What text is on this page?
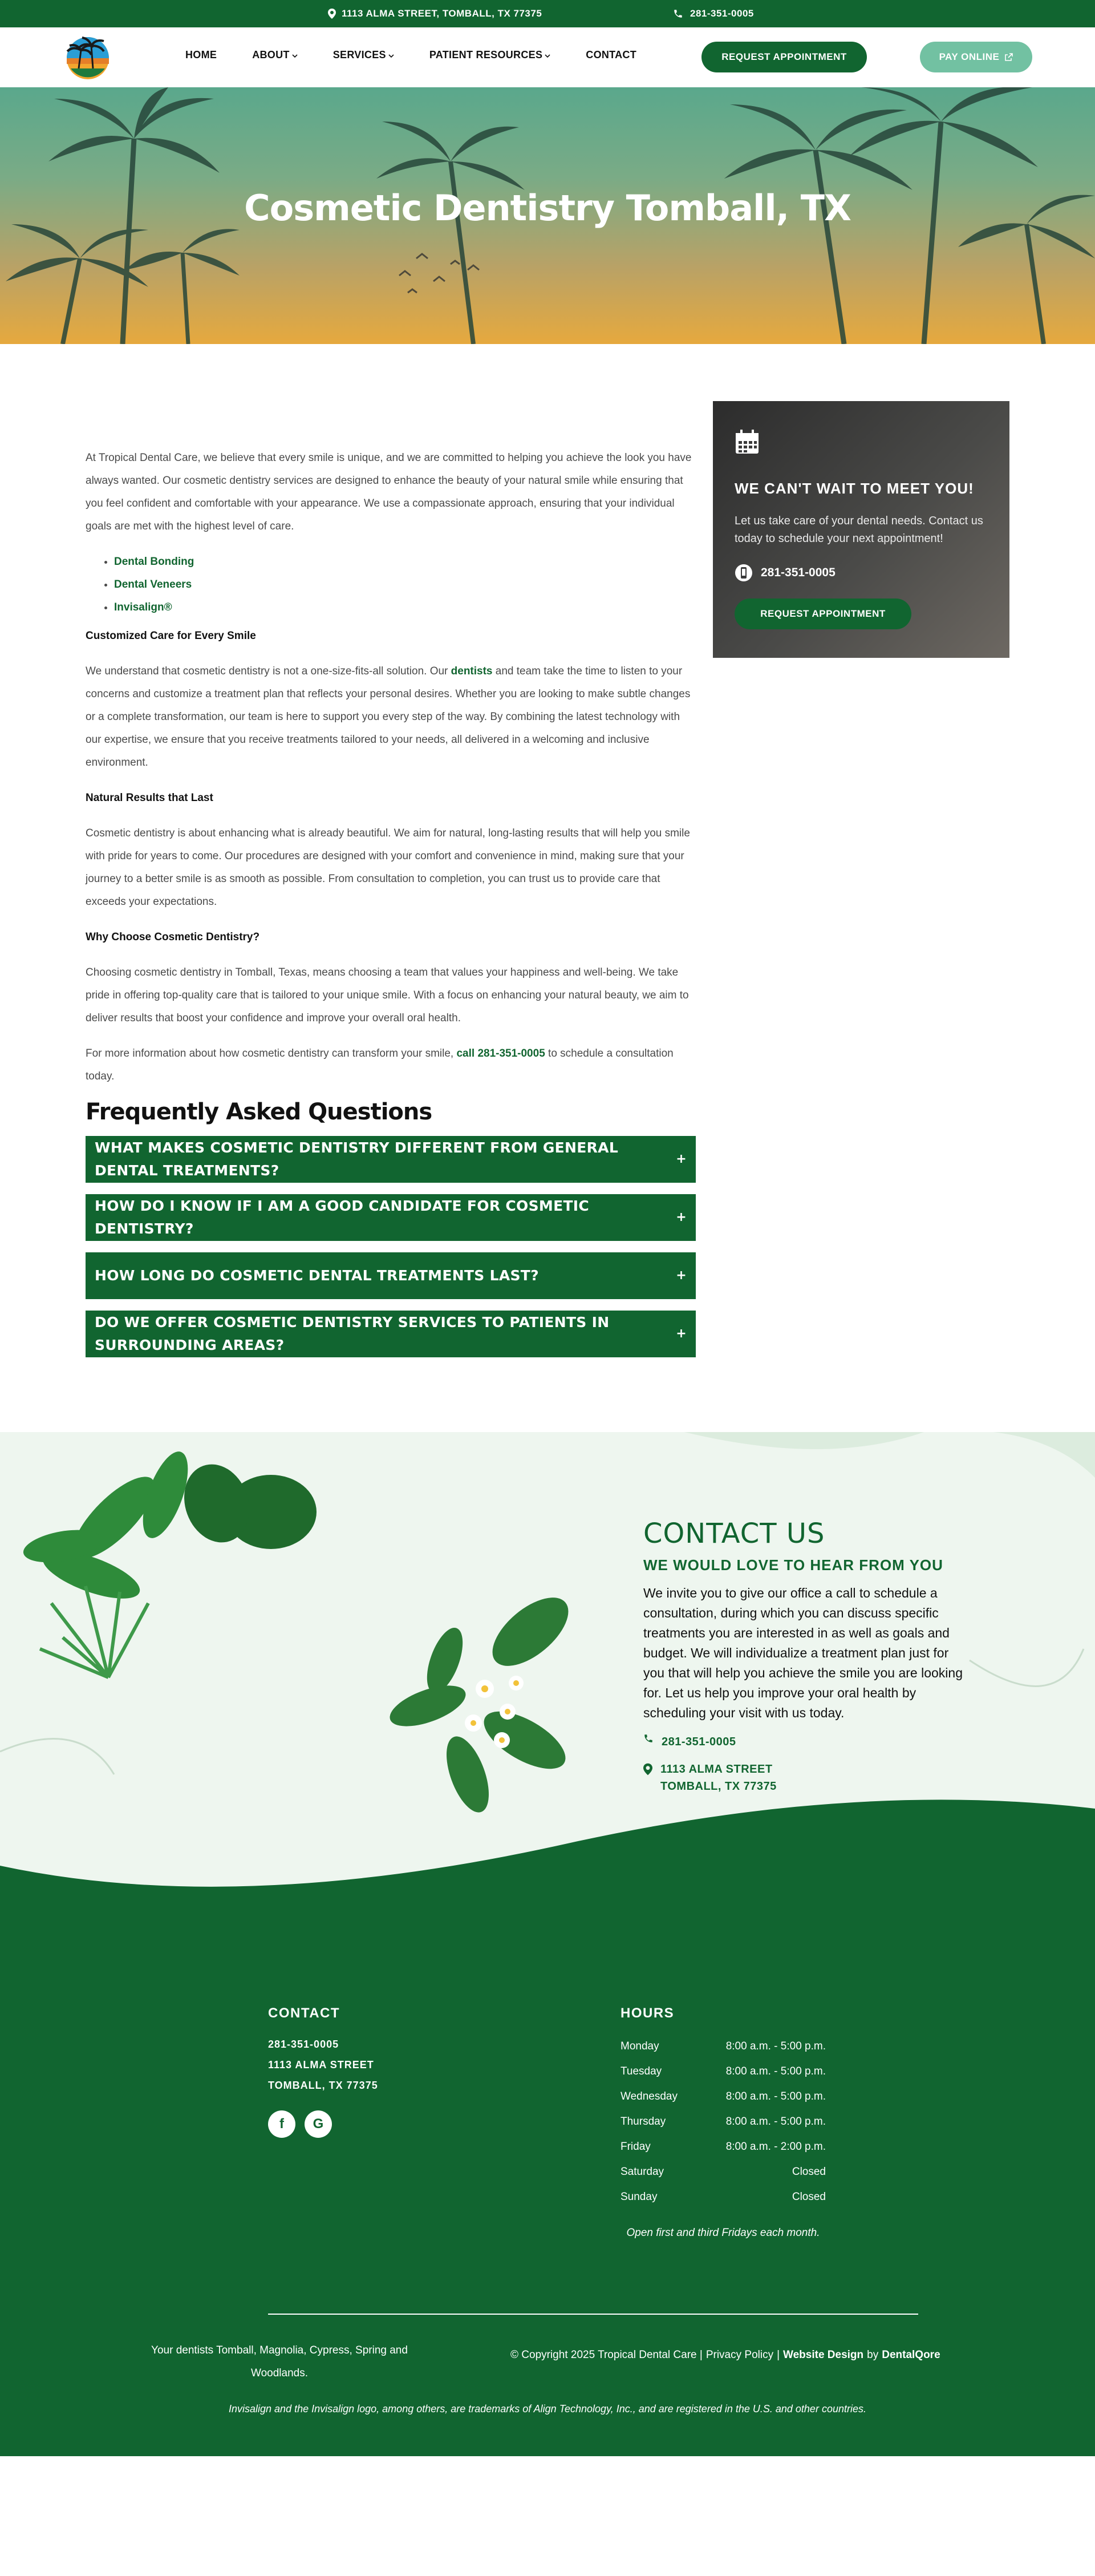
1113 ALMA STREET, TOMBALL, TX 77375	281-351-0005
HOME	ABOUT	SERVICES	PATIENT RESOURCES	CONTACT	REQUEST APPOINTMENT	PAY ONLINE
Cosmetic Dentistry Tomball, TX

At Tropical Dental Care, we believe that every smile is unique, and we are committed to helping you achieve the look you have always wanted. Our cosmetic dentistry services are designed to enhance the beauty of your natural smile while ensuring that you feel confident and comfortable with your appearance. We use a compassionate approach, ensuring that your individual goals are met with the highest level of care.

• Dental Bonding
• Dental Veneers
• Invisalign®
Customized Care for Every Smile

We understand that cosmetic dentistry is not a one-size-fits-all solution. Our dentists and team take the time to listen to your concerns and customize a treatment plan that reflects your personal desires. Whether you are looking to make subtle changes or a complete transformation, our team is here to support you every step of the way. By combining the latest technology with our expertise, we ensure that you receive treatments tailored to your needs, all delivered in a welcoming and inclusive environment.

Natural Results that Last

Cosmetic dentistry is about enhancing what is already beautiful. We aim for natural, long-lasting results that will help you smile with pride for years to come. Our procedures are designed with your comfort and convenience in mind, making sure that your journey to a better smile is as smooth as possible. From consultation to completion, you can trust us to provide care that exceeds your expectations.

Why Choose Cosmetic Dentistry?

Choosing cosmetic dentistry in Tomball, Texas, means choosing a team that values your happiness and well-being. We take pride in offering top-quality care that is tailored to your unique smile. With a focus on enhancing your natural beauty, we aim to deliver results that boost your confidence and improve your overall oral health.

For more information about how cosmetic dentistry can transform your smile, call 281-351-0005 to schedule a consultation today.

Frequently Asked Questions
WHAT MAKES COSMETIC DENTISTRY DIFFERENT FROM GENERAL DENTAL TREATMENTS?
+
HOW DO I KNOW IF I AM A GOOD CANDIDATE FOR COSMETIC DENTISTRY?
+
HOW LONG DO COSMETIC DENTAL TREATMENTS LAST?	+
DO WE OFFER COSMETIC DENTISTRY SERVICES TO PATIENTS IN SURROUNDING AREAS?
+
WE CAN'T WAIT TO MEET YOU!

Let us take care of your dental needs. Contact us today to schedule your next appointment!

281-351-0005
REQUEST APPOINTMENT
CONTACT US
WE WOULD LOVE TO HEAR FROM YOU

We invite you to give our office a call to schedule a consultation, during which you can discuss specific treatments you are interested in as well as goals and budget. We will individualize a treatment plan just for you that will help you achieve the smile you are looking for. Let us help you improve your oral health by scheduling your visit with us today.

281-351-0005
1113 ALMA STREET
TOMBALL, TX 77375
CONTACT
281-351-0005
1113 ALMA STREET
TOMBALL, TX 77375
f	G
HOURS
Monday	8:00 a.m. - 5:00 p.m.
Tuesday	8:00 a.m. - 5:00 p.m.
Wednesday	8:00 a.m. - 5:00 p.m.
Thursday	8:00 a.m. - 5:00 p.m.
Friday	8:00 a.m. - 2:00 p.m.
Saturday	Closed
Sunday	Closed
Open first and third Fridays each month.
Your dentists Tomball, Magnolia, Cypress, Spring and Woodlands.
© Copyright 2025 Tropical Dental Care | Privacy Policy | Website Design by DentalQore
Invisalign and the Invisalign logo, among others, are trademarks of Align Technology, Inc., and are registered in the U.S. and other countries.
